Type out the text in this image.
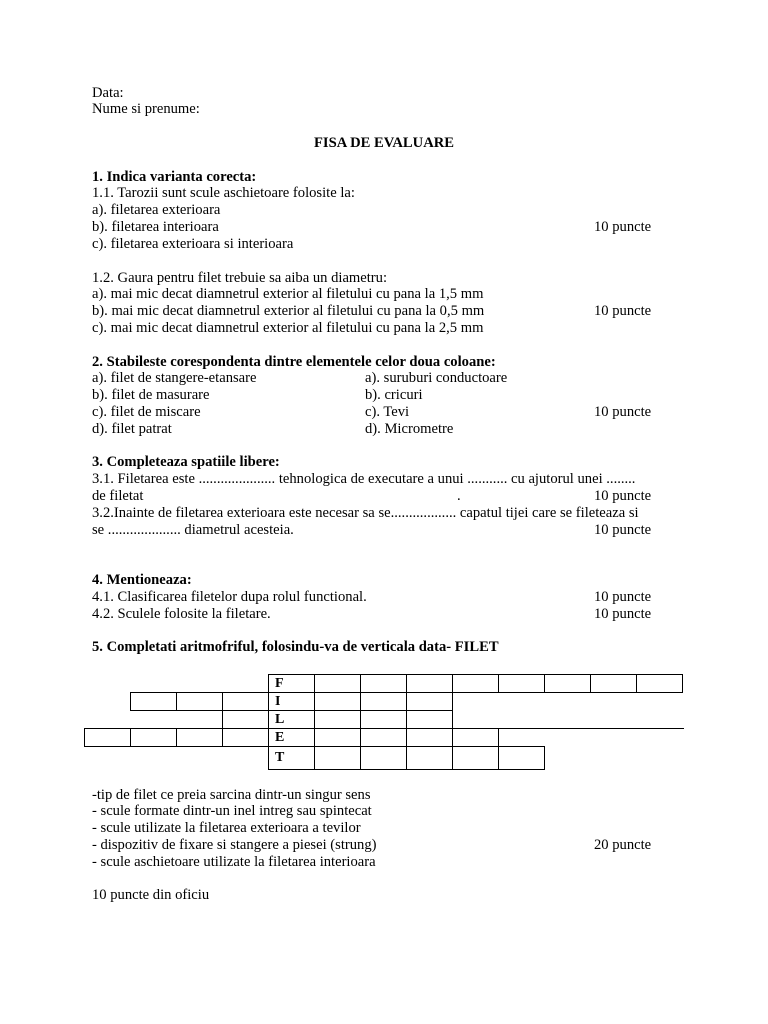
Data:
Nume si prenume:
FISA DE EVALUARE
1. Indica varianta corecta:
1.1. Tarozii sunt scule aschietoare folosite la:
a). filetarea exterioara
b). filetarea interioara	10 puncte
c). filetarea exterioara si interioara
1.2. Gaura pentru filet trebuie sa aiba un diametru:
a). mai mic decat diamnetrul exterior al filetului cu pana la 1,5 mm
b). mai mic decat diamnetrul exterior al filetului cu pana la 0,5 mm	10 puncte
c). mai mic decat diamnetrul exterior al filetului cu pana la 2,5 mm
2. Stabileste corespondenta dintre elementele celor doua coloane:
a). filet de stangere-etansare	a). suruburi conductoare
b). filet de masurare	b). cricuri
c). filet de miscare	c). Tevi	10 puncte
d). filet patrat	d). Micrometre
3. Completeaza spatiile libere:
3.1. Filetarea este ..................... tehnologica de executare a unui ........... cu ajutorul unei ........
de filetat	.	10 puncte
3.2.Inainte de filetarea exterioara este necesar sa se.................. capatul tijei care se fileteaza si
se .................... diametrul acesteia.	10 puncte
4. Mentioneaza:
4.1. Clasificarea filetelor dupa rolul functional.	10 puncte
4.2. Sculele folosite la filetare.	10 puncte
5. Completati aritmofriful, folosindu-va de verticala data- FILET
F
I
L
E
T
-tip de filet ce preia sarcina dintr-un singur sens
- scule formate dintr-un inel intreg sau spintecat
- scule utilizate la filetarea exterioara a tevilor
- dispozitiv de fixare si stangere a piesei (strung)	20 puncte
- scule aschietoare utilizate la filetarea interioara
10 puncte din oficiu
